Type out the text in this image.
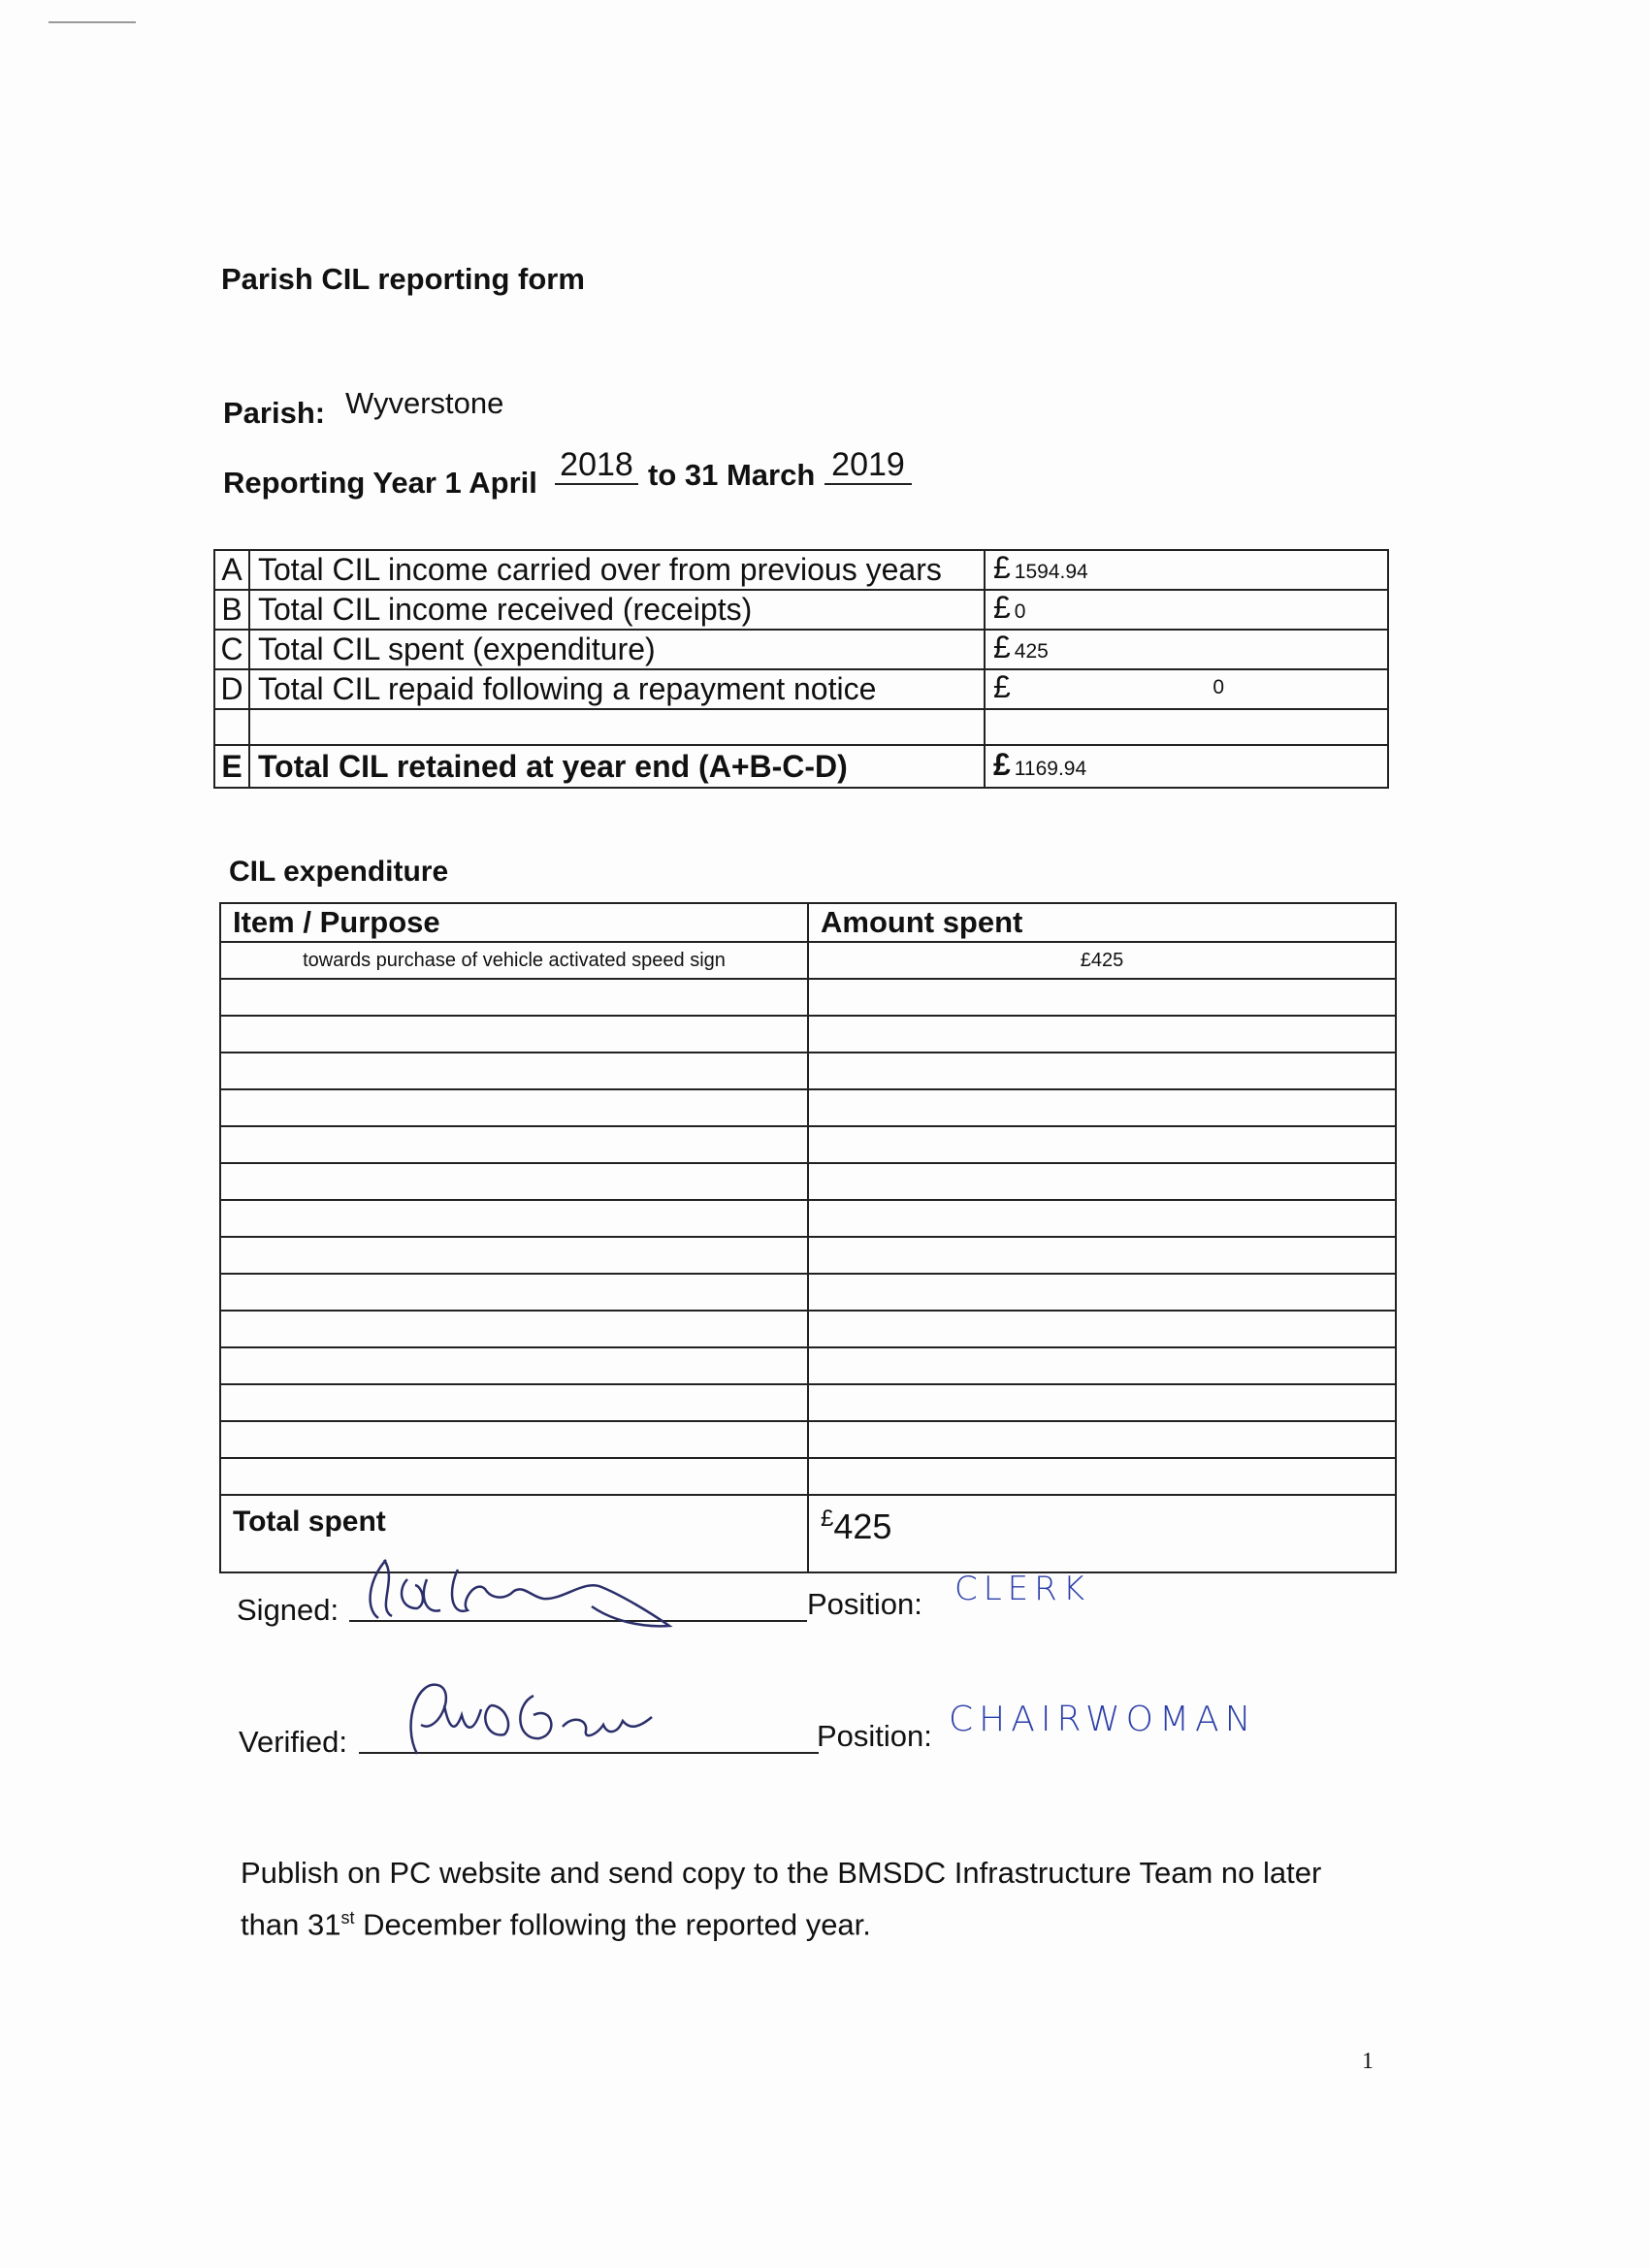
Parish CIL reporting form
Parish: Wyverstone
Reporting Year 1 April 2018 to 31 March 2019
A	Total CIL income carried over from previous years	£ 1594.94
B	Total CIL income received (receipts)	£ 0
C	Total CIL spent (expenditure)	£ 425
D	Total CIL repaid following a repayment notice	£ 0

E	Total CIL retained at year end (A+B-C-D)	£ 1169.94
CIL expenditure
Item / Purpose	Amount spent
towards purchase of vehicle activated speed sign	£425

Total spent	£425
Signed:	Position: CLERK
Verified:	Position: CHAIRWOMAN
Publish on PC website and send copy to the BMSDC Infrastructure Team no later
than 31st December following the reported year.
1
